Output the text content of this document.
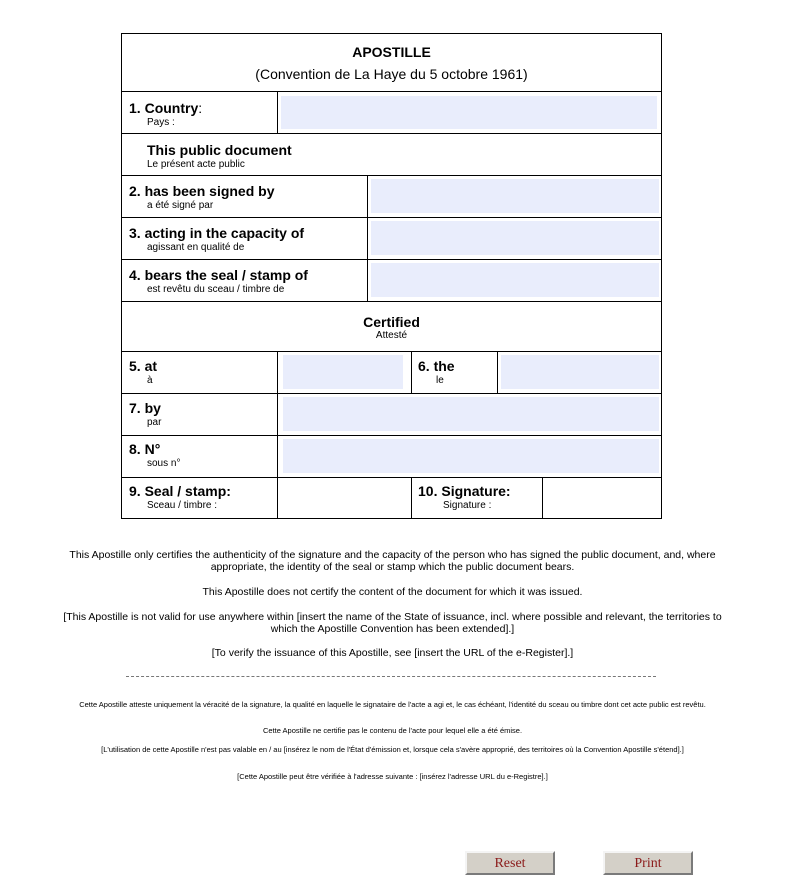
APOSTILLE
(Convention de La Haye du 5 octobre 1961)
1. Country:
Pays :
This public document
Le présent acte public
2. has been signed by
a été signé par
3. acting in the capacity of
agissant en qualité de
4. bears the seal / stamp of
est revêtu du sceau / timbre de
Certified
Attesté
5. at
à
6. the
le
7. by
par
8. N°
sous n°
9. Seal / stamp:
Sceau / timbre :
10. Signature:
Signature :
This Apostille only certifies the authenticity of the signature and the capacity of the person who has signed the public document, and, where appropriate, the identity of the seal or stamp which the public document bears.
This Apostille does not certify the content of the document for which it was issued.
[This Apostille is not valid for use anywhere within [insert the name of the State of issuance, incl. where possible and relevant, the territories to which the Apostille Convention has been extended].]
[To verify the issuance of this Apostille, see [insert the URL of the e-Register].]
Cette Apostille atteste uniquement la véracité de la signature, la qualité en laquelle le signataire de l'acte a agi et, le cas échéant, l'identité du sceau ou timbre dont cet acte public est revêtu.
Cette Apostille ne certifie pas le contenu de l'acte pour lequel elle a été émise.
[L'utilisation de cette Apostille n'est pas valable en / au [insérez le nom de l'État d'émission et, lorsque cela s'avère approprié, des territoires où la Convention Apostille s'étend].]
[Cette Apostille peut être vérifiée à l'adresse suivante : [insérez l'adresse URL du e-Registre].]
Reset	Print
